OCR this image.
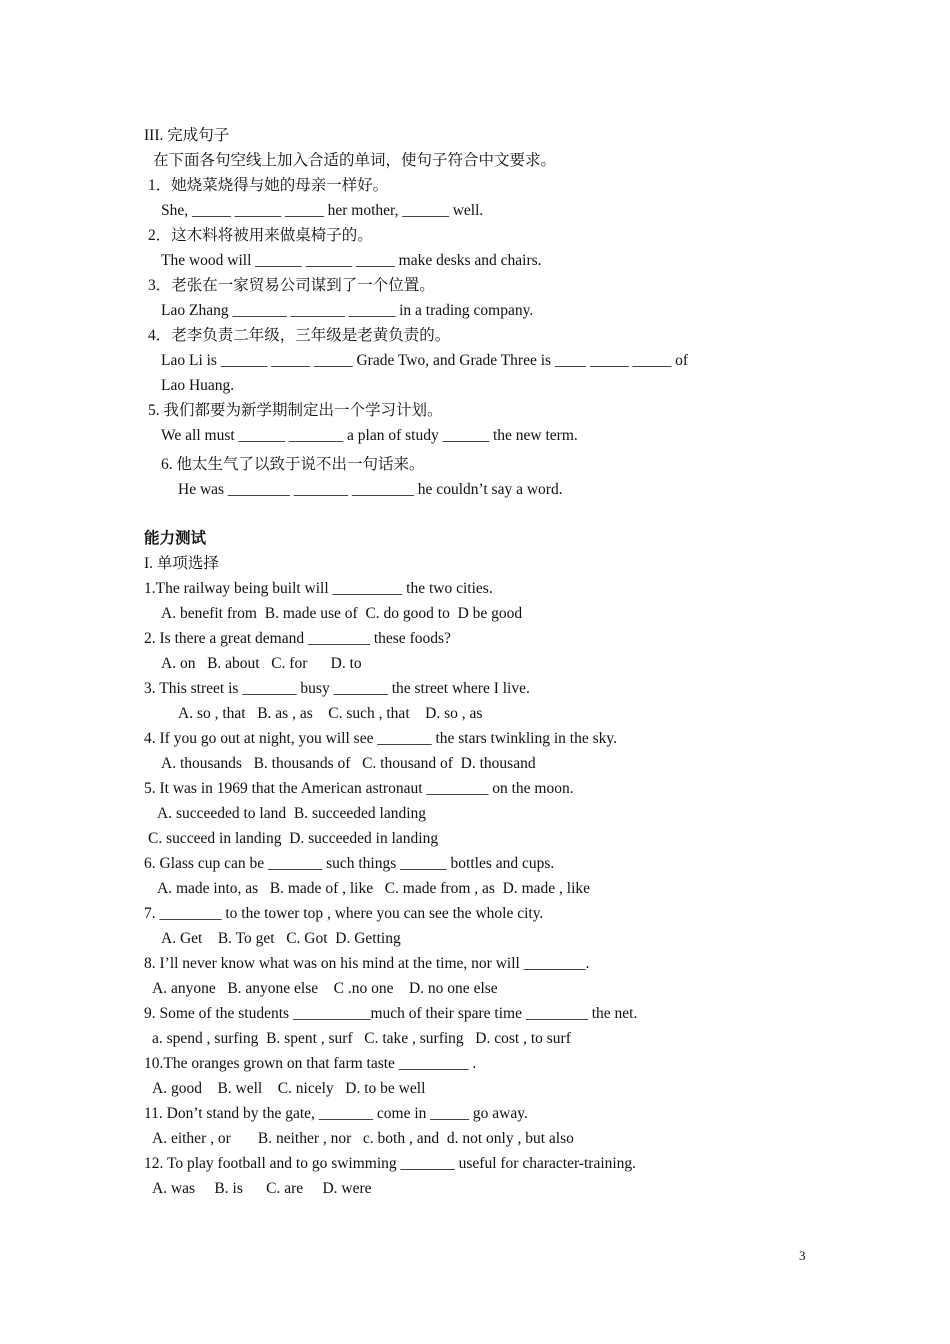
III. 完成句子
在下面各句空线上加入合适的单词，使句子符合中文要求。
1．她烧菜烧得与她的母亲一样好。
She, _____ ______ _____ her mother, ______ well.
2．这木料将被用来做桌椅子的。
The wood will ______ ______ _____ make desks and chairs.
3．老张在一家贸易公司谋到了一个位置。
Lao Zhang _______ _______ ______ in a trading company.
4．老李负责二年级，三年级是老黄负责的。
Lao Li is ______ _____ _____ Grade Two, and Grade Three is ____ _____ _____ of
Lao Huang.
5. 我们都要为新学期制定出一个学习计划。
We all must ______ _______ a plan of study ______ the new term.
6. 他太生气了以致于说不出一句话来。
He was ________ _______ ________ he couldn’t say a word.
能力测试
I. 单项选择
1.The railway being built will _________ the two cities.
A. benefit from  B. made use of  C. do good to  D be good
2. Is there a great demand ________ these foods?
A. on   B. about   C. for      D. to
3. This street is _______ busy _______ the street where I live.
A. so , that   B. as , as    C. such , that    D. so , as
4. If you go out at night, you will see _______ the stars twinkling in the sky.
A. thousands   B. thousands of   C. thousand of  D. thousand
5. It was in 1969 that the American astronaut ________ on the moon.
A. succeeded to land  B. succeeded landing
C. succeed in landing  D. succeeded in landing
6. Glass cup can be _______ such things ______ bottles and cups.
A. made into, as   B. made of , like   C. made from , as  D. made , like
7. ________ to the tower top , where you can see the whole city.
A. Get    B. To get   C. Got  D. Getting
8. I’ll never know what was on his mind at the time, nor will ________.
A. anyone   B. anyone else    C .no one    D. no one else
9. Some of the students __________much of their spare time ________ the net.
a. spend , surfing  B. spent , surf   C. take , surfing   D. cost , to surf
10.The oranges grown on that farm taste _________ .
A. good    B. well    C. nicely   D. to be well
11. Don’t stand by the gate, _______ come in _____ go away.
A. either , or       B. neither , nor   c. both , and  d. not only , but also
12. To play football and to go swimming _______ useful for character-training.
A. was     B. is      C. are     D. were
3
